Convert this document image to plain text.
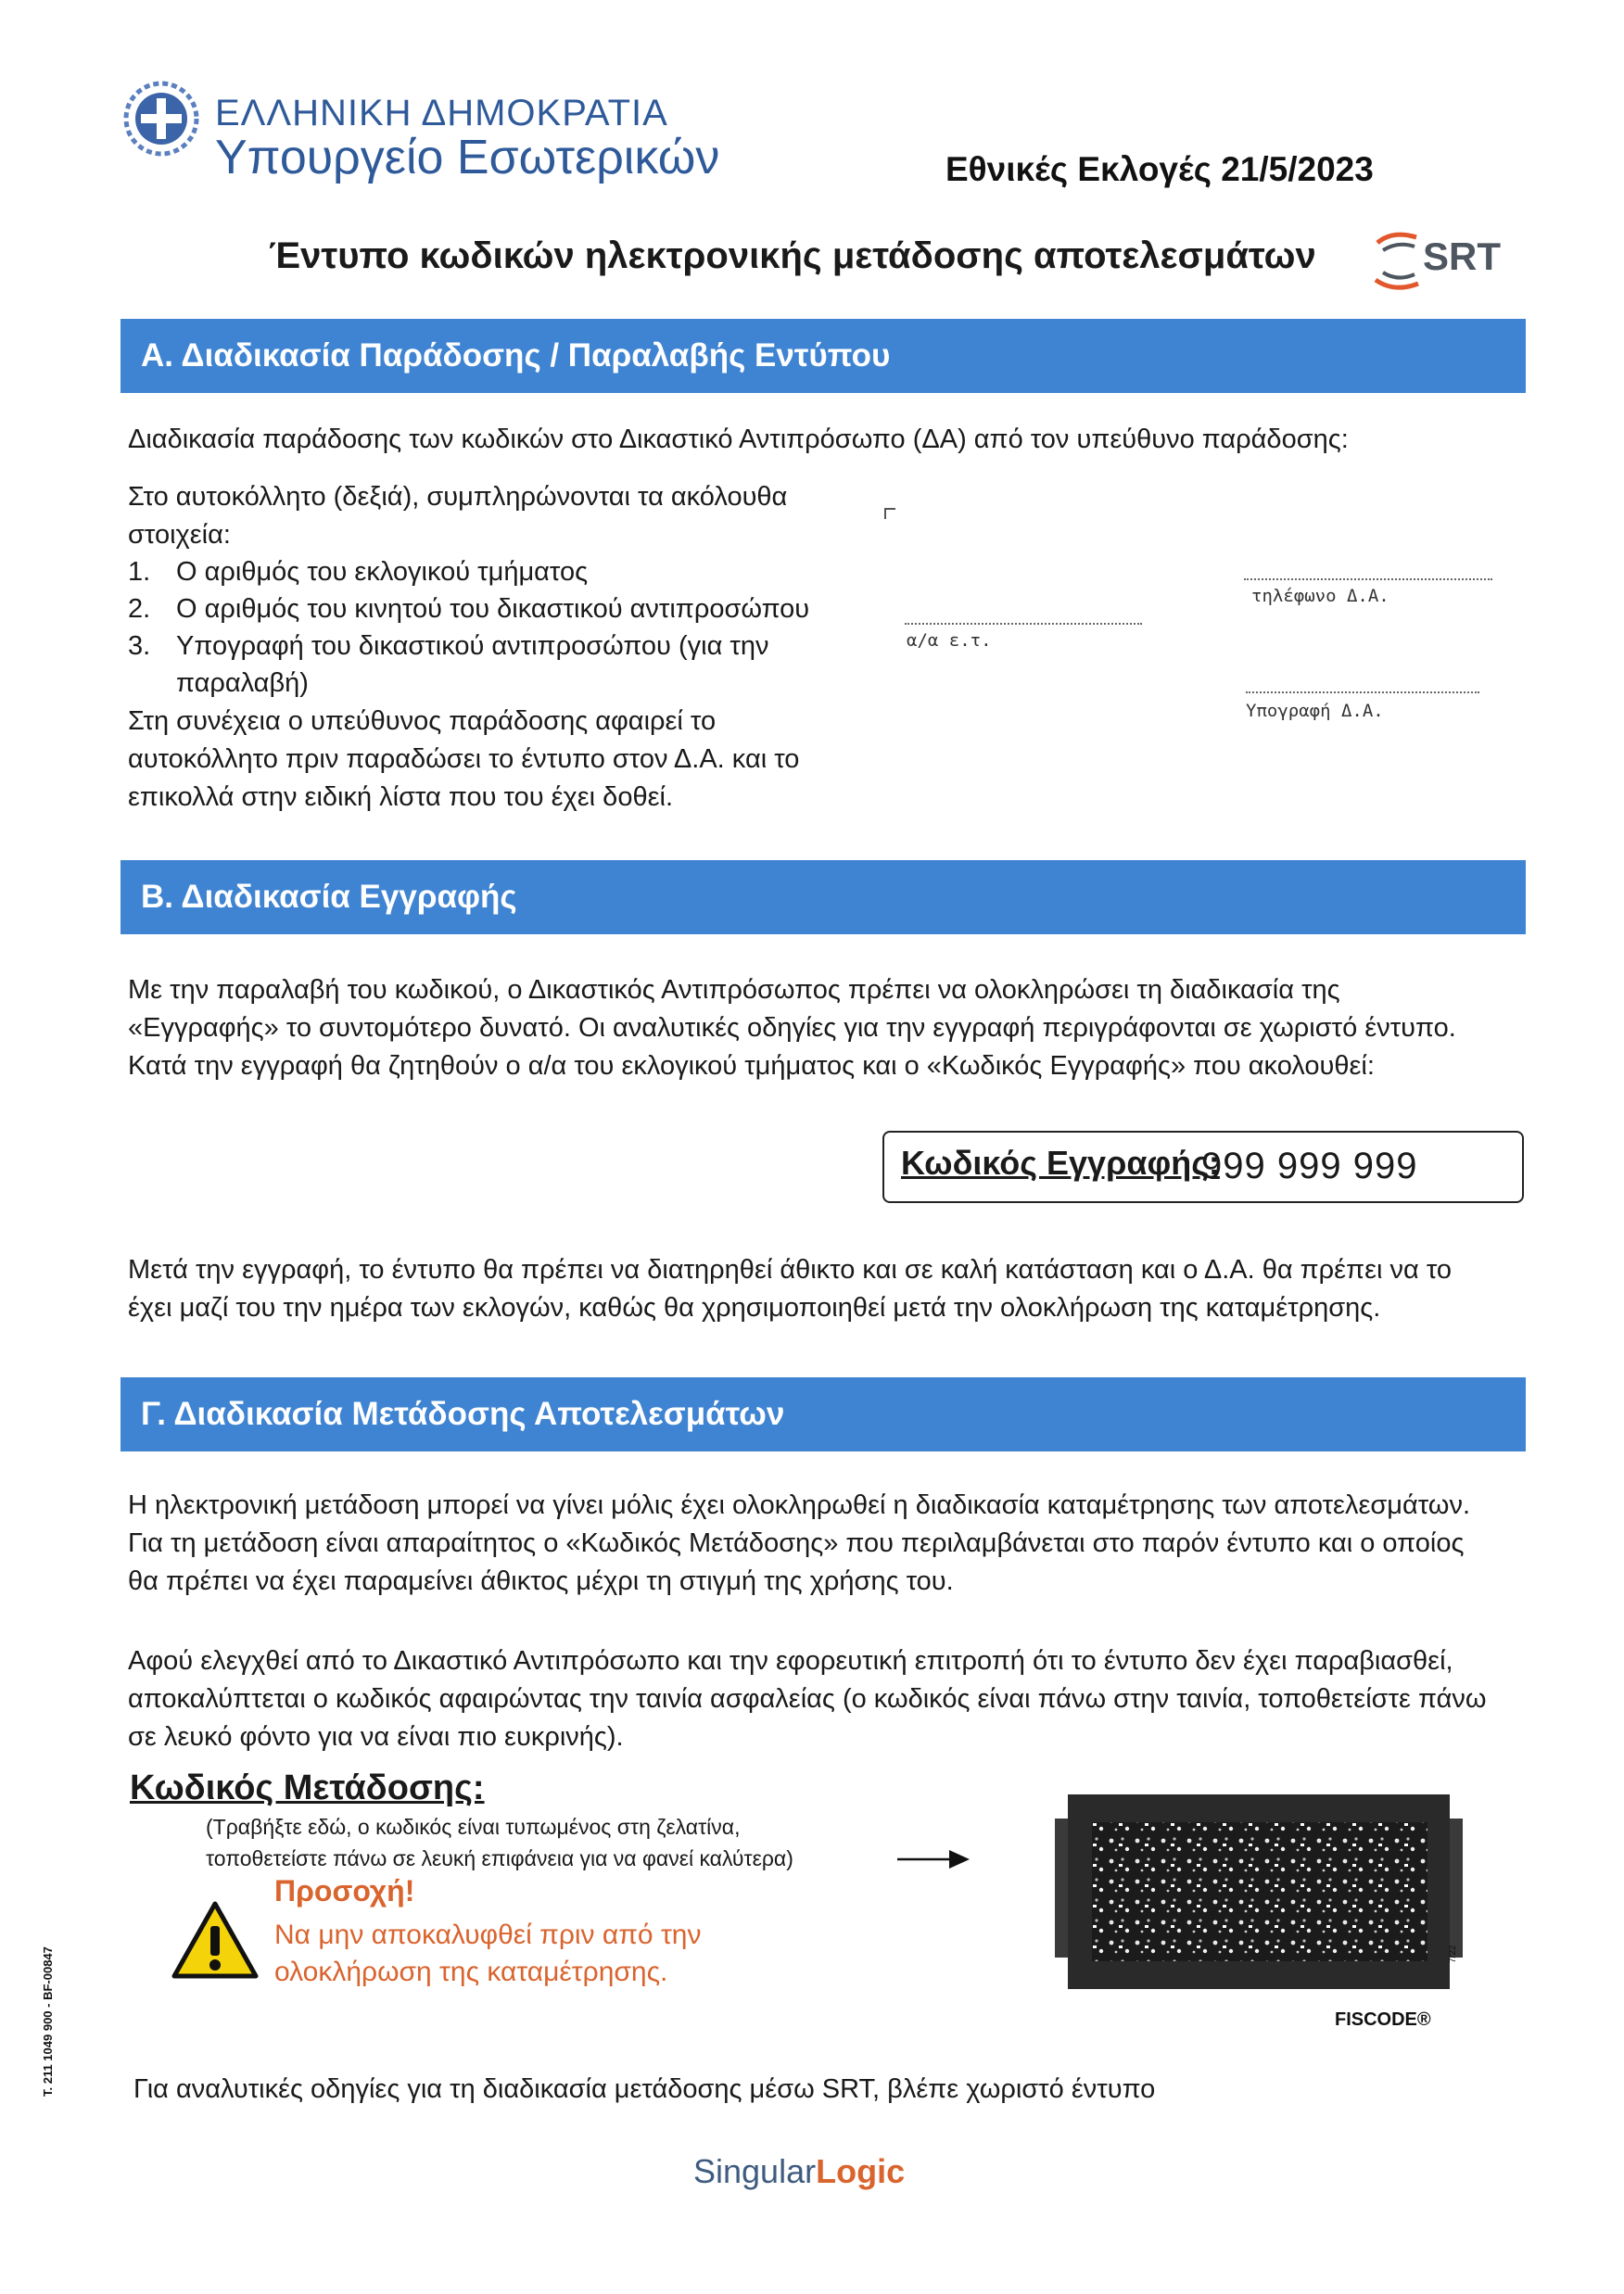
ΕΛΛΗΝΙΚΗ ΔΗΜΟΚΡΑΤΙΑ
Υπουργείο Εσωτερικών	Εθνικές Εκλογές 21/5/2023
Έντυπο κωδικών ηλεκτρονικής μετάδοσης αποτελεσμάτων	SRT
Α. Διαδικασία Παράδοσης / Παραλαβής Εντύπου
Διαδικασία παράδοσης των κωδικών στο Δικαστικό Αντιπρόσωπο (ΔΑ) από τον υπεύθυνο παράδοσης:
Στο αυτοκόλλητο (δεξιά), συμπληρώνονται τα ακόλουθα
στοιχεία:
1. Ο αριθμός του εκλογικού τμήματος
2. Ο αριθμός του κινητού του δικαστικού αντιπροσώπου
3. Υπογραφή του δικαστικού αντιπροσώπου (για την
παραλαβή)
Στη συνέχεια ο υπεύθυνος παράδοσης αφαιρεί το
αυτοκόλλητο πριν παραδώσει το έντυπο στον Δ.Α. και το
επικολλά στην ειδική λίστα που του έχει δοθεί.
τηλέφωνο Δ.Α.
α/α ε.τ.
Υπογραφή Δ.Α.
Β. Διαδικασία Εγγραφής
Με την παραλαβή του κωδικού, ο Δικαστικός Αντιπρόσωπος πρέπει να ολοκληρώσει τη διαδικασία της
«Εγγραφής» το συντομότερο δυνατό. Οι αναλυτικές οδηγίες για την εγγραφή περιγράφονται σε χωριστό έντυπο.
Κατά την εγγραφή θα ζητηθούν ο α/α του εκλογικού τμήματος και ο «Κωδικός Εγγραφής» που ακολουθεί:
Κωδικός Εγγραφής:
999 999 999
Μετά την εγγραφή, το έντυπο θα πρέπει να διατηρηθεί άθικτο και σε καλή κατάσταση και ο Δ.Α. θα πρέπει να το
έχει μαζί του την ημέρα των εκλογών, καθώς θα χρησιμοποιηθεί μετά την ολοκλήρωση της καταμέτρησης.
Γ. Διαδικασία Μετάδοσης Αποτελεσμάτων
Η ηλεκτρονική μετάδοση μπορεί να γίνει μόλις έχει ολοκληρωθεί η διαδικασία καταμέτρησης των αποτελεσμάτων.
Για τη μετάδοση είναι απαραίτητος ο «Κωδικός Μετάδοσης» που περιλαμβάνεται στο παρόν έντυπο και ο οποίος
θα πρέπει να έχει παραμείνει άθικτος μέχρι τη στιγμή της χρήσης του.
Αφού ελεγχθεί από το Δικαστικό Αντιπρόσωπο και την εφορευτική επιτροπή ότι το έντυπο δεν έχει παραβιασθεί,
αποκαλύπτεται ο κωδικός αφαιρώντας την ταινία ασφαλείας (ο κωδικός είναι πάνω στην ταινία, τοποθετείστε πάνω
σε λευκό φόντο για να είναι πιο ευκρινής).
Κωδικός Μετάδοσης:
(Τραβήξτε εδώ, ο κωδικός είναι τυπωμένος στη ζελατίνα,
τοποθετείστε πάνω σε λευκή επιφάνεια για να φανεί καλύτερα)
Προσοχή!
Να μην αποκαλυφθεί πριν από την
ολοκλήρωση της καταμέτρησης.
7/22
FISCODE®
T. 211 1049 900 - BF-00847	Για αναλυτικές οδηγίες για τη διαδικασία μετάδοσης μέσω SRT, βλέπε χωριστό έντυπο
SingularLogic
